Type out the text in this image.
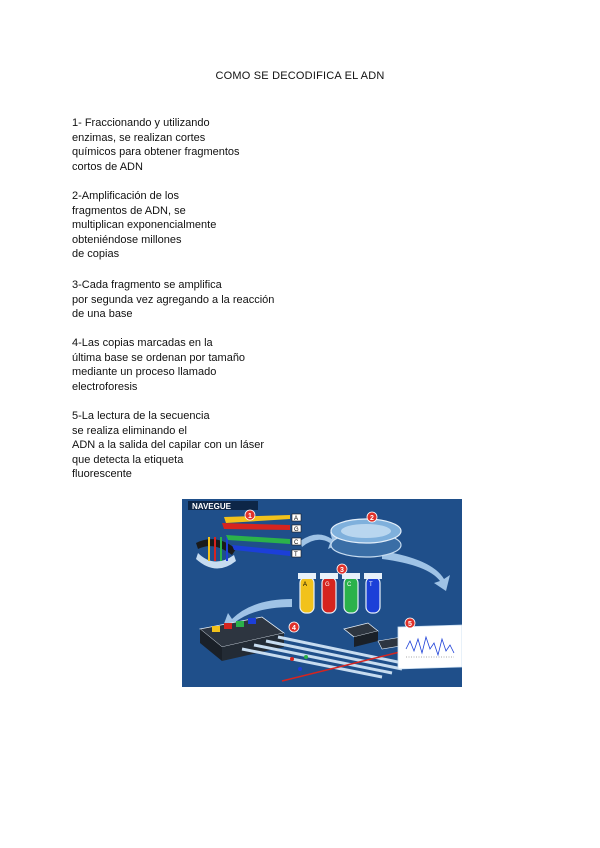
COMO SE DECODIFICA EL ADN
1- Fraccionando y utilizando
enzimas, se realizan cortes
químicos para obtener fragmentos
cortos de ADN
2-Amplificación de los
fragmentos de ADN, se
multiplican exponencialmente
obteniéndose millones
de copias
3-Cada fragmento se amplifica
por segunda vez agregando a la reacción
de una base
4-Las copias marcadas en la
última base se ordenan por tamaño
mediante un proceso llamado
electroforesis
5-La lectura de la secuencia
se realiza eliminando el
ADN a la salida del capilar con un láser
que detecta la etiqueta
fluorescente
NAVEGUE
A
G
C
T
1	2
A	G	C	T
3
4
5
